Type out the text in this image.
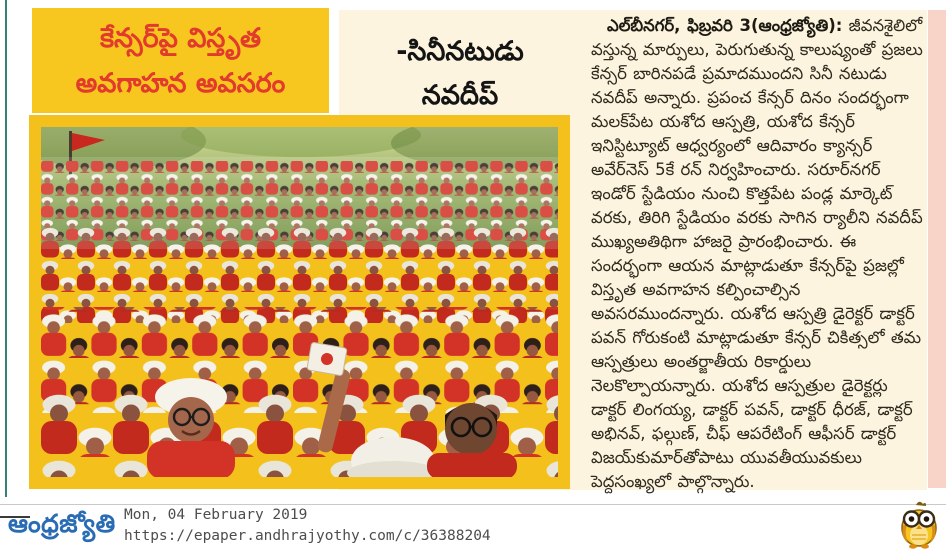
కేన్సర్‌పై విస్తృత
అవగాహన అవసరం
-సినీనటుడు
నవదీప్

ఎల్‌బీనగర్, ఫిబ్రవరి 3(ఆంధ్రజ్యోతి): జీవనశైలిలో వస్తున్న మార్పులు, పెరుగుతున్న కాలుష్యంతో ప్రజలు కేన్సర్ బారినపడే ప్రమాదముందని సినీ నటుడు నవదీప్ అన్నారు. ప్రపంచ కేన్సర్ దినం సందర్భంగా మలక్‌పేట యశోద ఆస్పత్రి, యశోద కేన్సర్ ఇనిస్టిట్యూట్ ఆధ్వర్యంలో ఆదివారం క్యాన్సర్ అవేర్‌నెస్ 5కే రన్ నిర్వహించారు. సరూర్‌నగర్ ఇండోర్ స్టేడియం నుంచి కొత్తపేట పండ్ల మార్కెట్ వరకు, తిరిగి స్టేడియం వరకు సాగిన ర్యాలీని నవదీప్ ముఖ్యఅతిథిగా హాజరై ప్రారంభించారు. ఈ సందర్భంగా ఆయన మాట్లాడుతూ కేన్సర్‌పై ప్రజల్లో విస్తృత అవగాహన కల్పించాల్సిన అవసరముందన్నారు. యశోద ఆస్పత్రి డైరెక్టర్ డాక్టర్ పవన్ గోరుకంటి మాట్లాడుతూ కేన్సర్ చికిత్సలో తమ ఆస్పత్రులు అంతర్జాతీయ రికార్డులు నెలకొల్పాయన్నారు. యశోద ఆస్పత్రుల డైరెక్టర్లు డాక్టర్ లింగయ్య, డాక్టర్ పవన్, డాక్టర్ ధీరజ్, డాక్టర్ అభినవ్, ఫల్గుణ్, చీఫ్ ఆపరేటింగ్ ఆఫీసర్ డాక్టర్ విజయ్‌కుమార్‌తోపాటు యువతీయువకులు పెద్దసంఖ్యలో పాల్గొన్నారు.

ఆంధ్రజ్యోతి Mon, 04 February 2019
https://epaper.andhrajyothy.com/c/36388204
